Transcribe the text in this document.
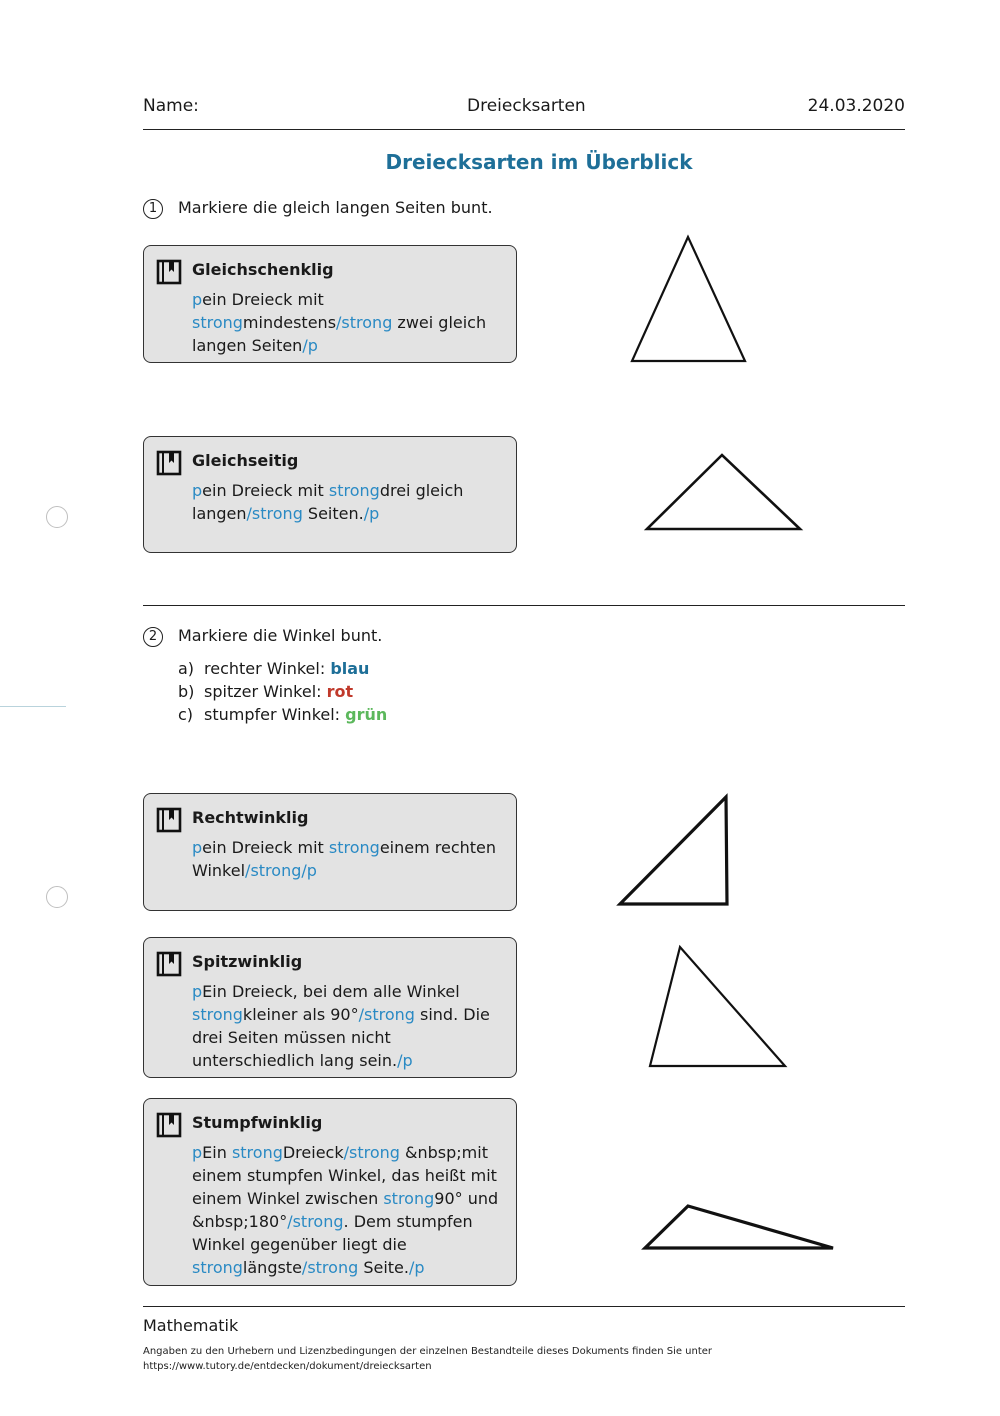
Name:	Dreiecksarten	24.03.2020
Dreiecksarten im Überblick
1	Markiere die gleich langen Seiten bunt.
Gleichschenklig
pein Dreieck mit strongmindestens/strong zwei gleich langen Seiten/p
Gleichseitig
pein Dreieck mit strongdrei gleich langen/strong Seiten./p
2	Markiere die Winkel bunt.
a) rechter Winkel: blau
b) spitzer Winkel: rot
c) stumpfer Winkel: grün
Rechtwinklig
pein Dreieck mit strongeinem rechten Winkel/strong/p
Spitzwinklig
pEin Dreieck, bei dem alle Winkel strongkleiner als 90°/strong sind. Die drei Seiten müssen nicht unterschiedlich lang sein./p
Stumpfwinklig
pEin strongDreieck/strong &nbsp;mit einem stumpfen Winkel, das heißt mit einem Winkel zwischen strong90° und &nbsp;180°/strong. Dem stumpfen Winkel gegenüber liegt die stronglängste/strong Seite./p
Mathematik
Angaben zu den Urhebern und Lizenzbedingungen der einzelnen Bestandteile dieses Dokuments finden Sie unter
https://www.tutory.de/entdecken/dokument/dreiecksarten
